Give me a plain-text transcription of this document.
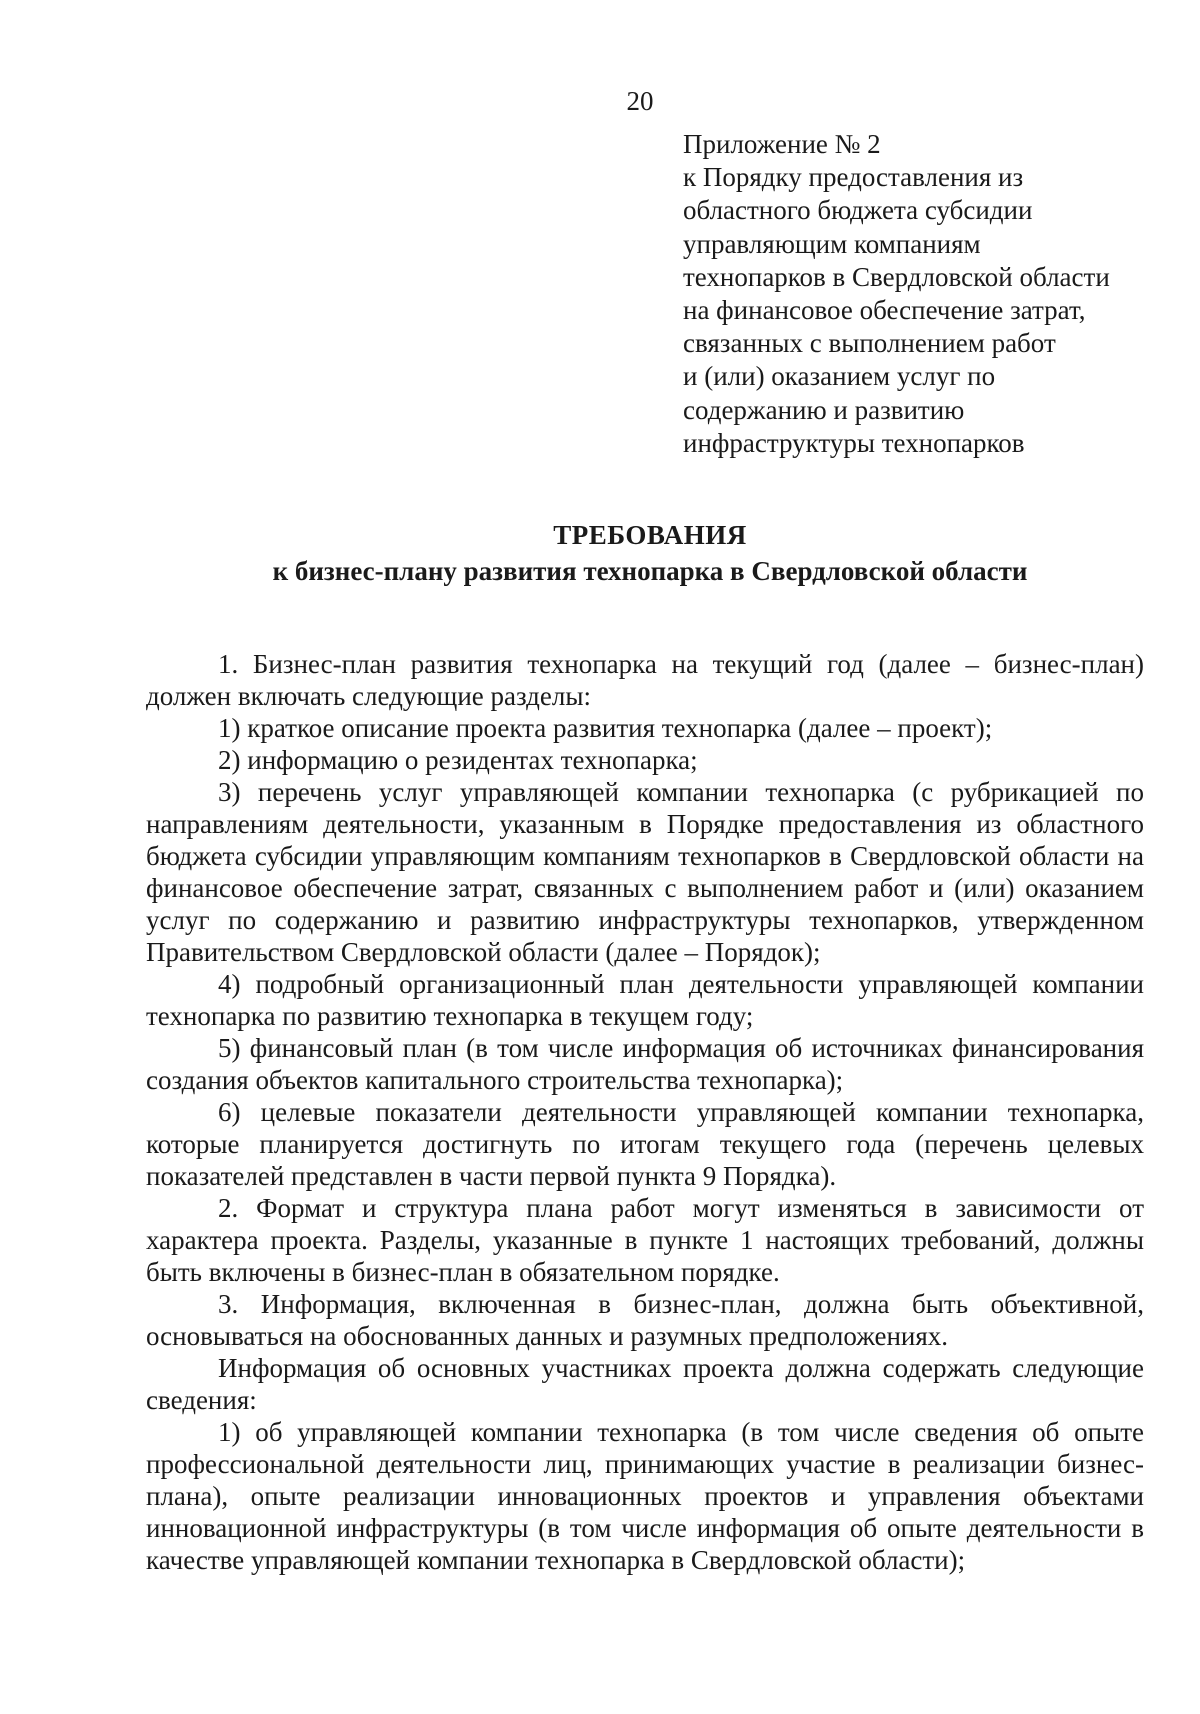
20
Приложение № 2
к Порядку предоставления из
областного бюджета субсидии
управляющим компаниям
технопарков в Свердловской области
на финансовое обеспечение затрат,
связанных с выполнением работ
и (или) оказанием услуг по
содержанию и развитию
инфраструктуры технопарков
ТРЕБОВАНИЯ
к бизнес-плану развития технопарка в Свердловской области

1. Бизнес-план развития технопарка на текущий год (далее – бизнес-план) должен включать следующие разделы:

1) краткое описание проекта развития технопарка (далее – проект);

2) информацию о резидентах технопарка;

3) перечень услуг управляющей компании технопарка (с рубрикацией по направлениям деятельности, указанным в Порядке предоставления из областного бюджета субсидии управляющим компаниям технопарков в Свердловской области на финансовое обеспечение затрат, связанных с выполнением работ и (или) оказанием услуг по содержанию и развитию инфраструктуры технопарков, утвержденном Правительством Свердловской области (далее – Порядок);

4) подробный организационный план деятельности управляющей компании технопарка по развитию технопарка в текущем году;

5) финансовый план (в том числе информация об источниках финансирования создания объектов капитального строительства технопарка);

6) целевые показатели деятельности управляющей компании технопарка, которые планируется достигнуть по итогам текущего года (перечень целевых показателей представлен в части первой пункта 9 Порядка).

2. Формат и структура плана работ могут изменяться в зависимости от характера проекта. Разделы, указанные в пункте 1 настоящих требований, должны быть включены в бизнес-план в обязательном порядке.

3. Информация, включенная в бизнес-план, должна быть объективной, основываться на обоснованных данных и разумных предположениях.

Информация об основных участниках проекта должна содержать следующие сведения:

1) об управляющей компании технопарка (в том числе сведения об опыте профессиональной деятельности лиц, принимающих участие в реализации бизнес-плана), опыте реализации инновационных проектов и управления объектами инновационной инфраструктуры (в том числе информация об опыте деятельности в качестве управляющей компании технопарка в Свердловской области);
